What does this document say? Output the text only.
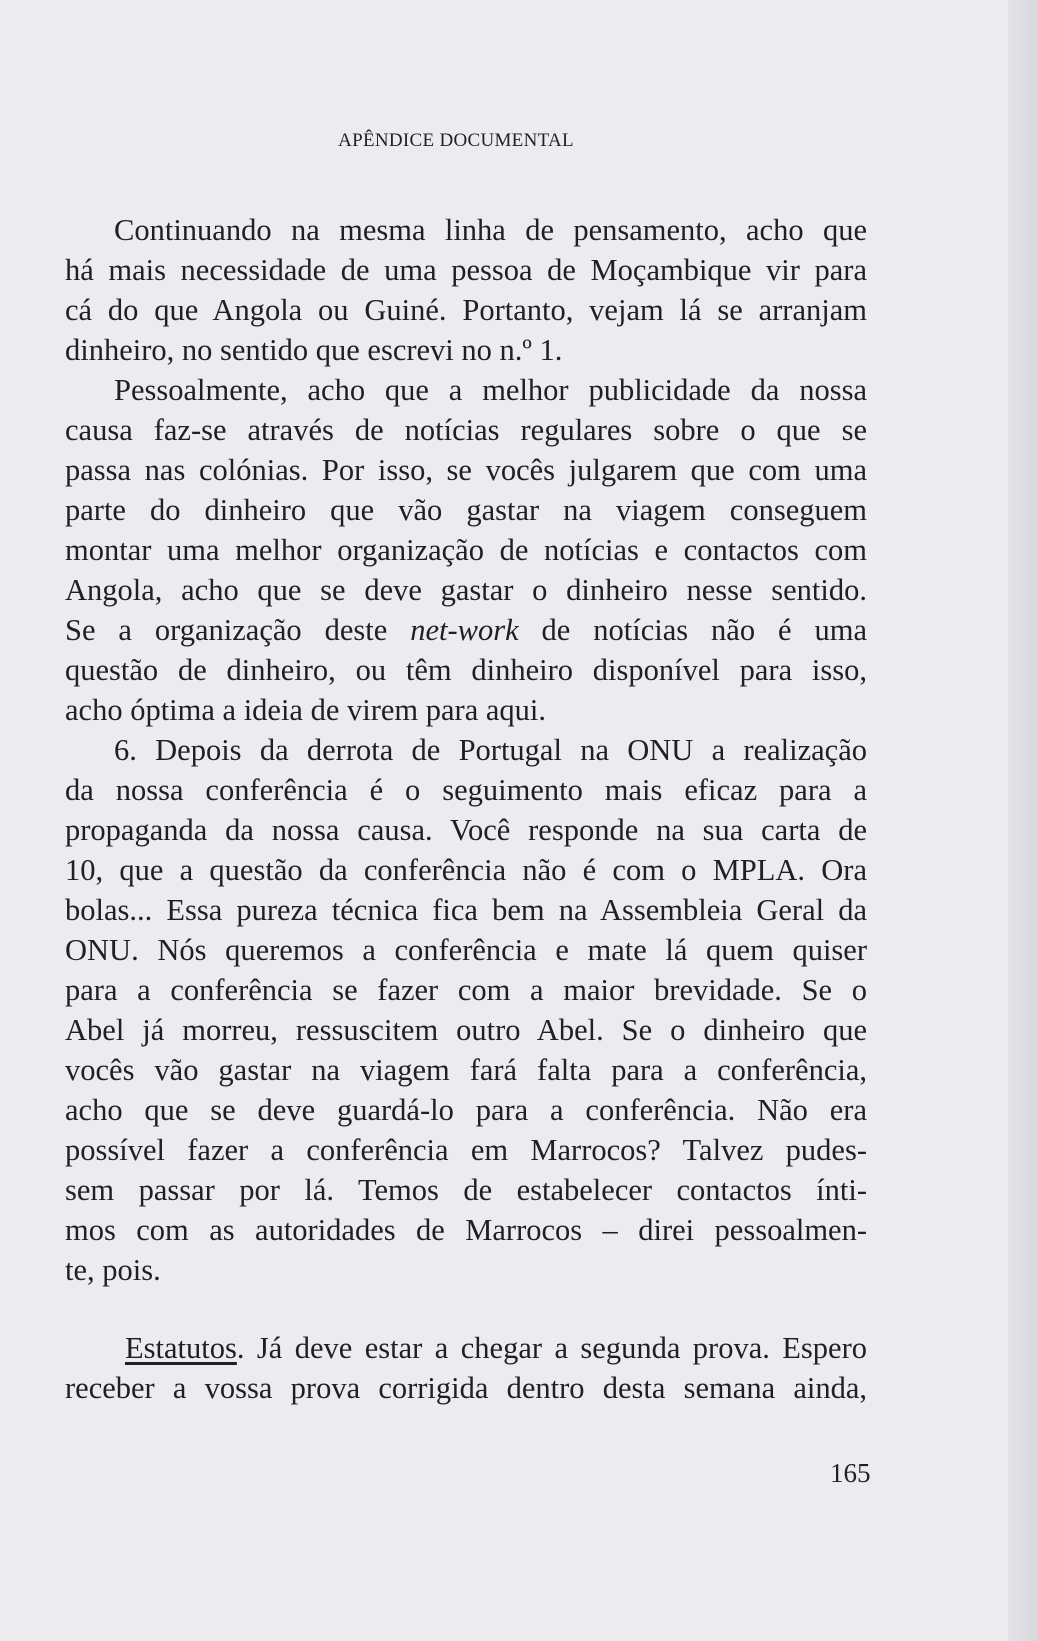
APÊNDICE DOCUMENTAL
Continuando na mesma linha de pensamento, acho que
há mais necessidade de uma pessoa de Moçambique vir para
cá do que Angola ou Guiné. Portanto, vejam lá se arranjam
dinheiro, no sentido que escrevi no n.º 1.
Pessoalmente, acho que a melhor publicidade da nossa
causa faz-se através de notícias regulares sobre o que se
passa nas colónias. Por isso, se vocês julgarem que com uma
parte do dinheiro que vão gastar na viagem conseguem
montar uma melhor organização de notícias e contactos com
Angola, acho que se deve gastar o dinheiro nesse sentido.
Se a organização deste net-work de notícias não é uma
questão de dinheiro, ou têm dinheiro disponível para isso,
acho óptima a ideia de virem para aqui.
6. Depois da derrota de Portugal na ONU a realização
da nossa conferência é o seguimento mais eficaz para a
propaganda da nossa causa. Você responde na sua carta de
10, que a questão da conferência não é com o MPLA. Ora
bolas... Essa pureza técnica fica bem na Assembleia Geral da
ONU. Nós queremos a conferência e mate lá quem quiser
para a conferência se fazer com a maior brevidade. Se o
Abel já morreu, ressuscitem outro Abel. Se o dinheiro que
vocês vão gastar na viagem fará falta para a conferência,
acho que se deve guardá-lo para a conferência. Não era
possível fazer a conferência em Marrocos? Talvez pudes-
sem passar por lá. Temos de estabelecer contactos ínti-
mos com as autoridades de Marrocos – direi pessoalmen-
te, pois.
Estatutos. Já deve estar a chegar a segunda prova. Espero
receber a vossa prova corrigida dentro desta semana ainda,
165
